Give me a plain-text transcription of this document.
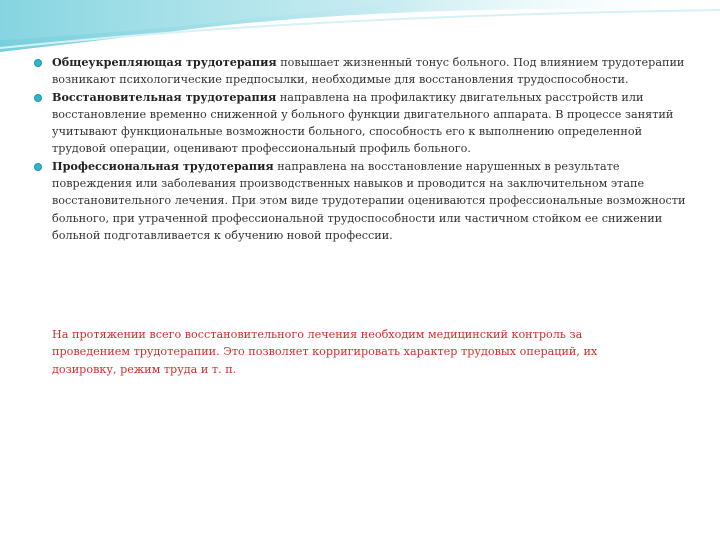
Общеукрепляющая трудотерапия повышает жизненный тонус больного. Под влиянием трудотерапии возникают психологические предпосылки, необходимые для восстановления трудоспособности.
Восстановительная трудотерапия направлена на профилактику двигательных расстройств или восстановление временно сниженной у больного функции двигательного аппарата. В процессе занятий учитывают функциональные возможности больного, способность его к выполнению определенной трудовой операции, оценивают профессиональный профиль больного.
Профессиональная трудотерапия направлена на восстановление нарушенных в результате повреждения или заболевания производственных навыков и проводится на заключительном этапе восстановительного лечения. При этом виде трудотерапии оцениваются профессиональные возможности больного, при утраченной профессиональной трудоспособности или частичном стойком ее снижении больной подготавливается к обучению новой профессии.
На протяжении всего восстановительного лечения необходим медицинский контроль за проведением трудотерапии. Это позволяет корригировать характер трудовых операций, их дозировку, режим труда и т. п.
